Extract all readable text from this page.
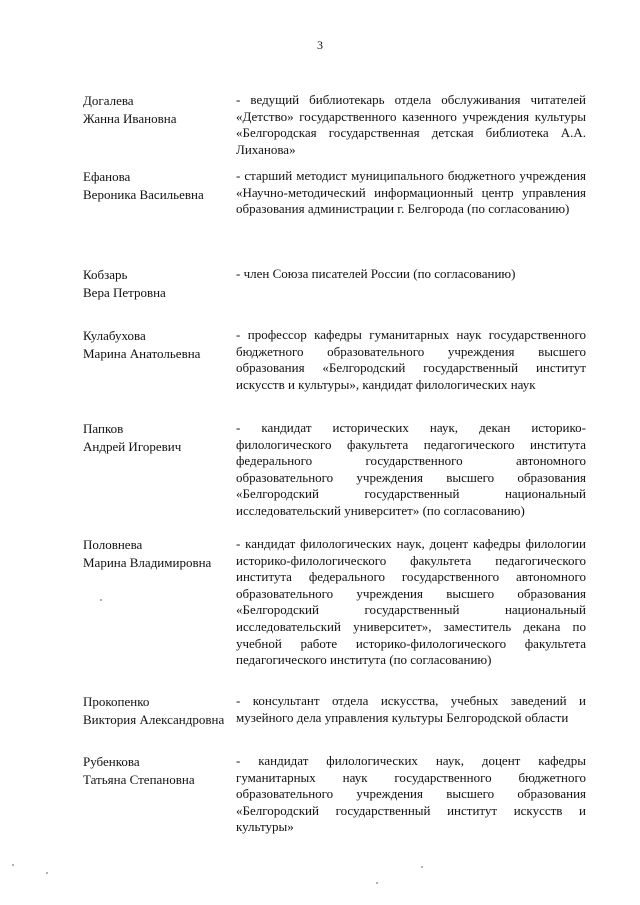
3
Догалева
Жанна Ивановна
- ведущий библиотекарь отдела обслуживания читателей «Детство» государственного казенного учреждения культуры «Белгородская государственная детская библиотека А.А. Лиханова»
Ефанова
Вероника Васильевна
- старший методист муниципального бюджетного учреждения «Научно-методический информационный центр управления образования администрации г. Белгорода (по согласованию)
Кобзарь
Вера Петровна
- член Союза писателей России (по согласованию)
Кулабухова
Марина Анатольевна
- профессор кафедры гуманитарных наук государственного бюджетного образовательного учреждения высшего образования «Белгородский государственный институт искусств и культуры», кандидат филологических наук
Папков
Андрей Игоревич
- кандидат исторических наук, декан историко-филологического факультета педагогического института федерального государственного автономного образовательного учреждения высшего образования «Белгородский государственный национальный исследовательский университет» (по согласованию)
Половнева
Марина Владимировна
- кандидат филологических наук, доцент кафедры филологии историко-филологического факультета педагогического института федерального государственного автономного образовательного учреждения высшего образования «Белгородский государственный национальный исследовательский университет», заместитель декана по учебной работе историко-филологического факультета педагогического института (по согласованию)
Прокопенко
Виктория Александровна
- консультант отдела искусства, учебных заведений и музейного дела управления культуры Белгородской области
Рубенкова
Татьяна Степановна
- кандидат филологических наук, доцент кафедры гуманитарных наук государственного бюджетного образовательного учреждения высшего образования «Белгородский государственный институт искусств и культуры»
